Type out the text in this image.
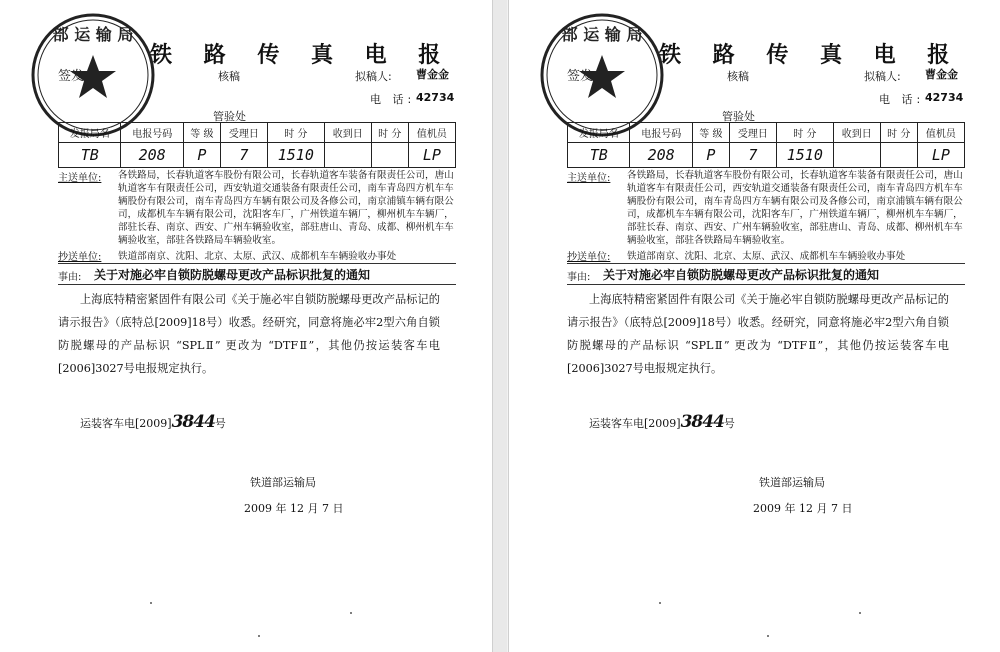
部 运 输 局
签发
铁 路 传 真 电 报
核稿	拟稿人: 曹金金
电 话: 42734
管验处
发报局名	电报号码	等 级	受理日	时 分	收到日	时 分	值机员
TB	208	P	7	1510			LP
主送单位: 各铁路局，长春轨道客车股份有限公司，长春轨道客车装备有限责任公司，唐山轨道客车有限责任公司，西安轨道交通装备有限责任公司，南车青岛四方机车车辆股份有限公司，南车青岛四方车辆有限公司及各修公司，南京浦镇车辆有限公司，成都机车车辆有限公司，沈阳客车厂，广州铁道车辆厂，柳州机车车辆厂，部驻长春、南京、西安、广州车辆验收室，部驻唐山、青岛、成都、柳州机车车辆验收室，部驻各铁路局车辆验收室。
抄送单位: 铁道部南京、沈阳、北京、太原、武汉、成都机车车辆验收办事处
事由: 关于对施必牢自锁防脱螺母更改产品标识批复的通知
上海底特精密紧固件有限公司《关于施必牢自锁防脱螺母更改产品标记的请示报告》（底特总[2009]18号）收悉。经研究，同意将施必牢2型六角自锁防脱螺母的产品标识 “SPLⅡ” 更改为 “DTFⅡ”，其他仍按运装客车电[2006]3027号电报规定执行。
运装客车电[2009]3844号
铁道部运输局
2009 年 12 月 7 日
部 运 输 局
签发
铁 路 传 真 电 报
核稿	拟稿人: 曹金金
电 话: 42734
管验处
发报局名	电报号码	等 级	受理日	时 分	收到日	时 分	值机员
TB	208	P	7	1510			LP
主送单位: 各铁路局，长春轨道客车股份有限公司，长春轨道客车装备有限责任公司，唐山轨道客车有限责任公司，西安轨道交通装备有限责任公司，南车青岛四方机车车辆股份有限公司，南车青岛四方车辆有限公司及各修公司，南京浦镇车辆有限公司，成都机车车辆有限公司，沈阳客车厂，广州铁道车辆厂，柳州机车车辆厂，部驻长春、南京、西安、广州车辆验收室，部驻唐山、青岛、成都、柳州机车车辆验收室，部驻各铁路局车辆验收室。
抄送单位: 铁道部南京、沈阳、北京、太原、武汉、成都机车车辆验收办事处
事由: 关于对施必牢自锁防脱螺母更改产品标识批复的通知
上海底特精密紧固件有限公司《关于施必牢自锁防脱螺母更改产品标记的请示报告》（底特总[2009]18号）收悉。经研究，同意将施必牢2型六角自锁防脱螺母的产品标识 “SPLⅡ” 更改为 “DTFⅡ”，其他仍按运装客车电[2006]3027号电报规定执行。
运装客车电[2009]3844号
铁道部运输局
2009 年 12 月 7 日
